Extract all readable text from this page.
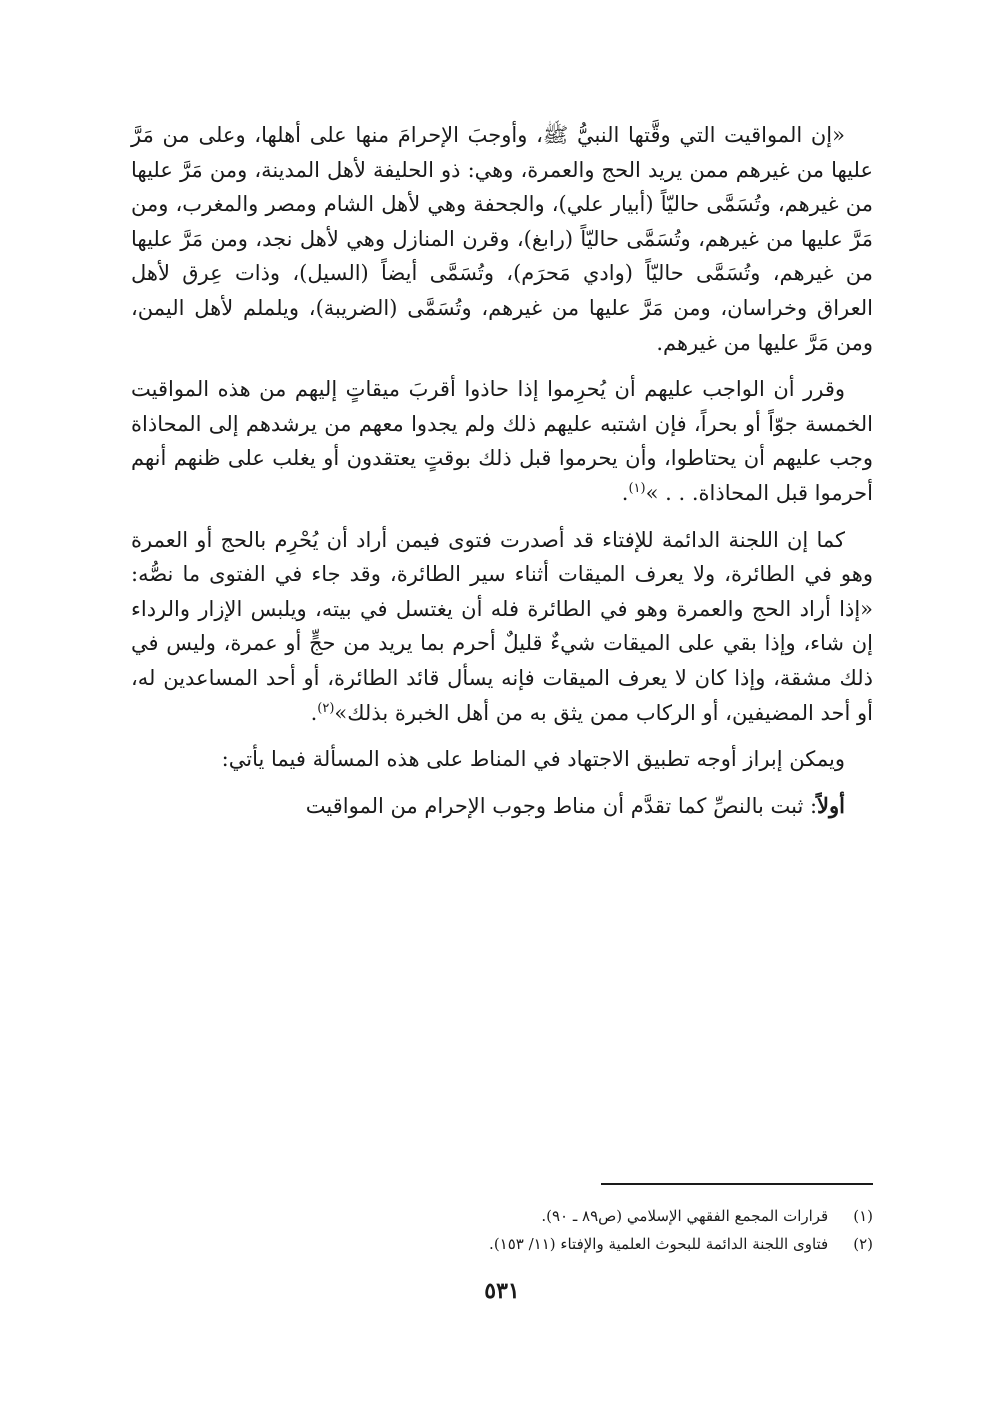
«إن المواقيت التي وقَّتها النبيُّ ﷺ، وأوجبَ الإحرامَ منها على أهلها، وعلى من مَرَّ عليها من غيرهم ممن يريد الحج والعمرة، وهي: ذو الحليفة لأهل المدينة، ومن مَرَّ عليها من غيرهم، وتُسَمَّى حاليّاً (أبيار علي)، والجحفة وهي لأهل الشام ومصر والمغرب، ومن مَرَّ عليها من غيرهم، وتُسَمَّى حاليّاً (رابغ)، وقرن المنازل وهي لأهل نجد، ومن مَرَّ عليها من غيرهم، وتُسَمَّى حاليّاً (وادي مَحرَم)، وتُسَمَّى أيضاً (السيل)، وذات عِرق لأهل العراق وخراسان، ومن مَرَّ عليها من غيرهم، وتُسَمَّى (الضريبة)، ويلملم لأهل اليمن، ومن مَرَّ عليها من غيرهم.

وقرر أن الواجب عليهم أن يُحرِموا إذا حاذوا أقربَ ميقاتٍ إليهم من هذه المواقيت الخمسة جوّاً أو بحراً، فإن اشتبه عليهم ذلك ولم يجدوا معهم من يرشدهم إلى المحاذاة وجب عليهم أن يحتاطوا، وأن يحرموا قبل ذلك بوقتٍ يعتقدون أو يغلب على ظنهم أنهم أحرموا قبل المحاذاة. . . »$^{(١)}$.

كما إن اللجنة الدائمة للإفتاء قد أصدرت فتوى فيمن أراد أن يُحْرِم بالحج أو العمرة وهو في الطائرة، ولا يعرف الميقات أثناء سير الطائرة، وقد جاء في الفتوى ما نصُّه: «إذا أراد الحج والعمرة وهو في الطائرة فله أن يغتسل في بيته، ويلبس الإزار والرداء إن شاء، وإذا بقي على الميقات شيءٌ قليلٌ أحرم بما يريد من حجٍّ أو عمرة، وليس في ذلك مشقة، وإذا كان لا يعرف الميقات فإنه يسأل قائد الطائرة، أو أحد المساعدين له، أو أحد المضيفين، أو الركاب ممن يثق به من أهل الخبرة بذلك»$^{(٢)}$.

ويمكن إبراز أوجه تطبيق الاجتهاد في المناط على هذه المسألة فيما يأتي:

أولاً: ثبت بالنصِّ كما تقدَّم أن مناط وجوب الإحرام من المواقيت

(١) قرارات المجمع الفقهي الإسلامي (ص٨٩ ـ ٩٠).
(٢) فتاوى اللجنة الدائمة للبحوث العلمية والإفتاء (١١/ ١٥٣).
٥٣١
